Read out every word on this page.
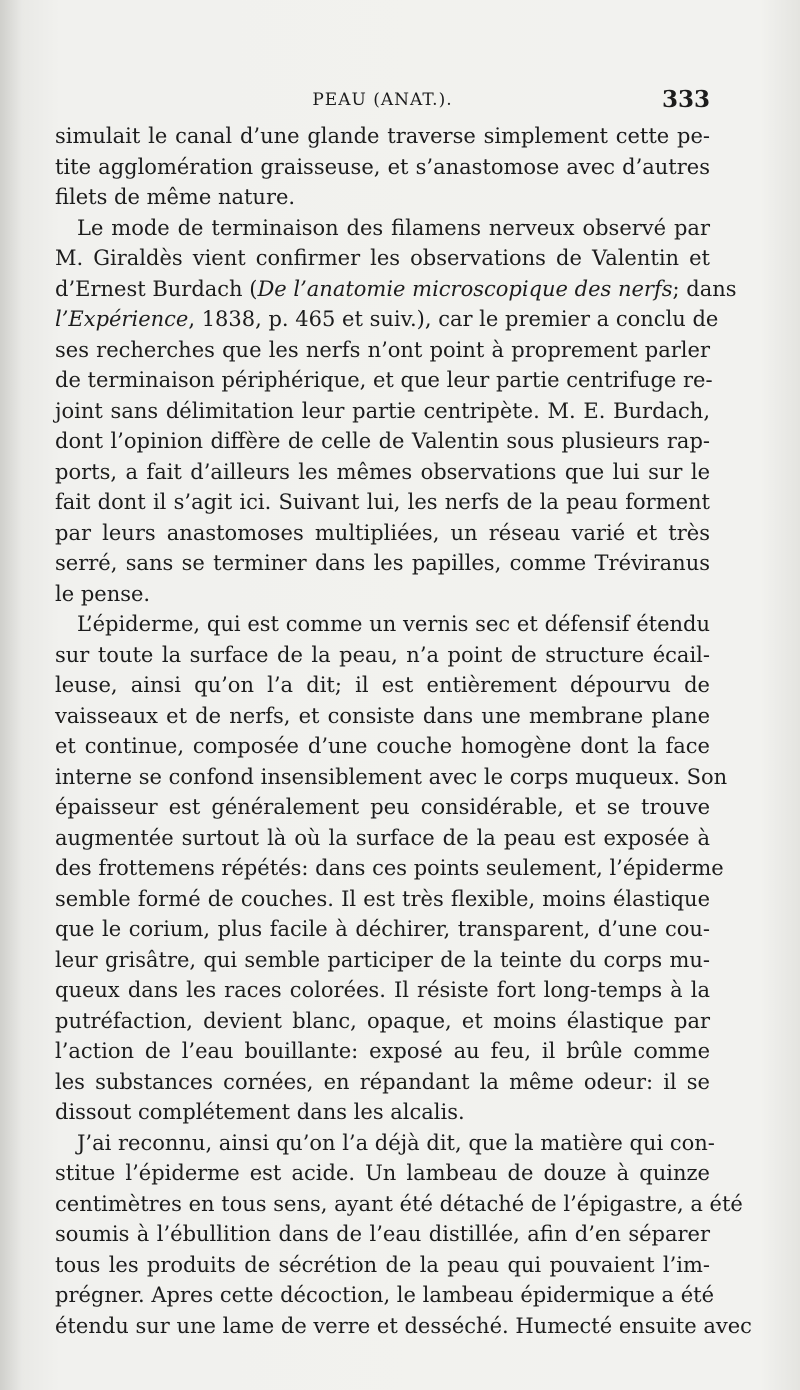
PEAU (ANAT.).	333
simulait le canal d’une glande traverse simplement cette pe-
tite agglomération graisseuse, et s’anastomose avec d’autres
filets de même nature.
Le mode de terminaison des filamens nerveux observé par
M. Giraldès vient confirmer les observations de Valentin et
d’Ernest Burdach (De l’anatomie microscopique des nerfs; dans
l’Expérience, 1838, p. 465 et suiv.), car le premier a conclu de
ses recherches que les nerfs n’ont point à proprement parler
de terminaison périphérique, et que leur partie centrifuge re-
joint sans délimitation leur partie centripète. M. E. Burdach,
dont l’opinion diffère de celle de Valentin sous plusieurs rap-
ports, a fait d’ailleurs les mêmes observations que lui sur le
fait dont il s’agit ici. Suivant lui, les nerfs de la peau forment
par leurs anastomoses multipliées, un réseau varié et très
serré, sans se terminer dans les papilles, comme Tréviranus
le pense.
L’épiderme, qui est comme un vernis sec et défensif étendu
sur toute la surface de la peau, n’a point de structure écail-
leuse, ainsi qu’on l’a dit; il est entièrement dépourvu de
vaisseaux et de nerfs, et consiste dans une membrane plane
et continue, composée d’une couche homogène dont la face
interne se confond insensiblement avec le corps muqueux. Son
épaisseur est généralement peu considérable, et se trouve
augmentée surtout là où la surface de la peau est exposée à
des frottemens répétés: dans ces points seulement, l’épiderme
semble formé de couches. Il est très flexible, moins élastique
que le corium, plus facile à déchirer, transparent, d’une cou-
leur grisâtre, qui semble participer de la teinte du corps mu-
queux dans les races colorées. Il résiste fort long-temps à la
putréfaction, devient blanc, opaque, et moins élastique par
l’action de l’eau bouillante: exposé au feu, il brûle comme
les substances cornées, en répandant la même odeur: il se
dissout complétement dans les alcalis.
J’ai reconnu, ainsi qu’on l’a déjà dit, que la matière qui con-
stitue l’épiderme est acide. Un lambeau de douze à quinze
centimètres en tous sens, ayant été détaché de l’épigastre, a été
soumis à l’ébullition dans de l’eau distillée, afin d’en séparer
tous les produits de sécrétion de la peau qui pouvaient l’im-
prégner. Apres cette décoction, le lambeau épidermique a été
étendu sur une lame de verre et desséché. Humecté ensuite avec
